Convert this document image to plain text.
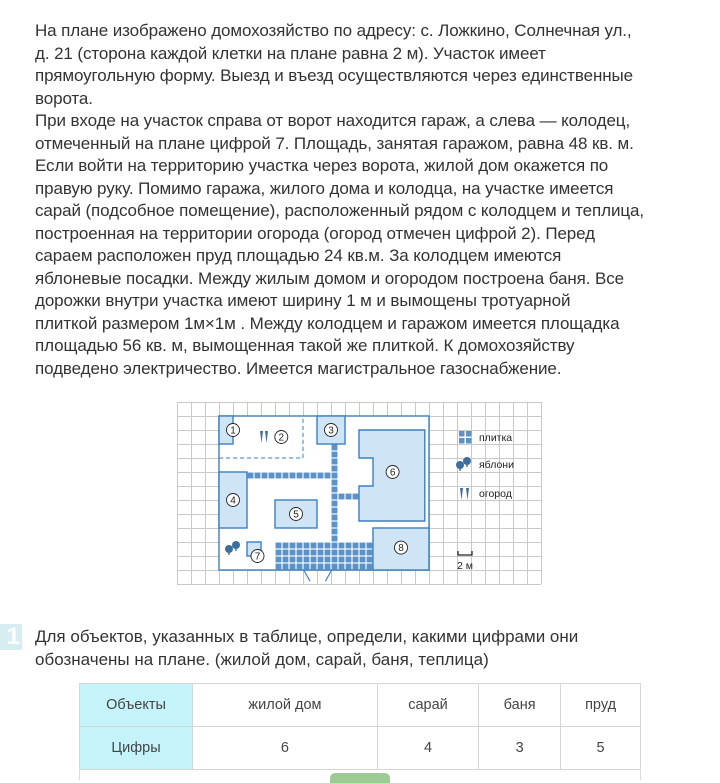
На плане изображено домохозяйство по адресу: с. Ложкино, Солнечная ул.,
д. 21 (сторона каждой клетки на плане равна 2 м). Участок имеет
прямоугольную форму. Выезд и въезд осуществляются через единственные
ворота.
При входе на участок справа от ворот находится гараж, а слева — колодец,
отмеченный на плане цифрой 7. Площадь, занятая гаражом, равна 48 кв. м.
Если войти на территорию участка через ворота, жилой дом окажется по
правую руку. Помимо гаража, жилого дома и колодца, на участке имеется
сарай (подсобное помещение), расположенный рядом с колодцем и теплица,
построенная на территории огорода (огород отмечен цифрой 2). Перед
сараем расположен пруд площадью 24 кв.м. За колодцем имеются
яблоневые посадки. Между жилым домом и огородом построена баня. Все
дорожки внутри участка имеют ширину 1 м и вымощены тротуарной
плиткой размером 1м×1м . Между колодцем и гаражом имеется площадка
площадью 56 кв. м, вымощенная такой же плиткой. К домохозяйству
подведено электричество. Имеется магистральное газоснабжение.
1
2
3
4
5
6
7
8
плитка
яблони
огород
2 м
1 Для объектов, указанных в таблице, определи, какими цифрами они
обозначены на плане. (жилой дом, сарай, баня, теплица)
Объекты	жилой дом	сарай	баня	пруд
Цифры	6	4	3	5
